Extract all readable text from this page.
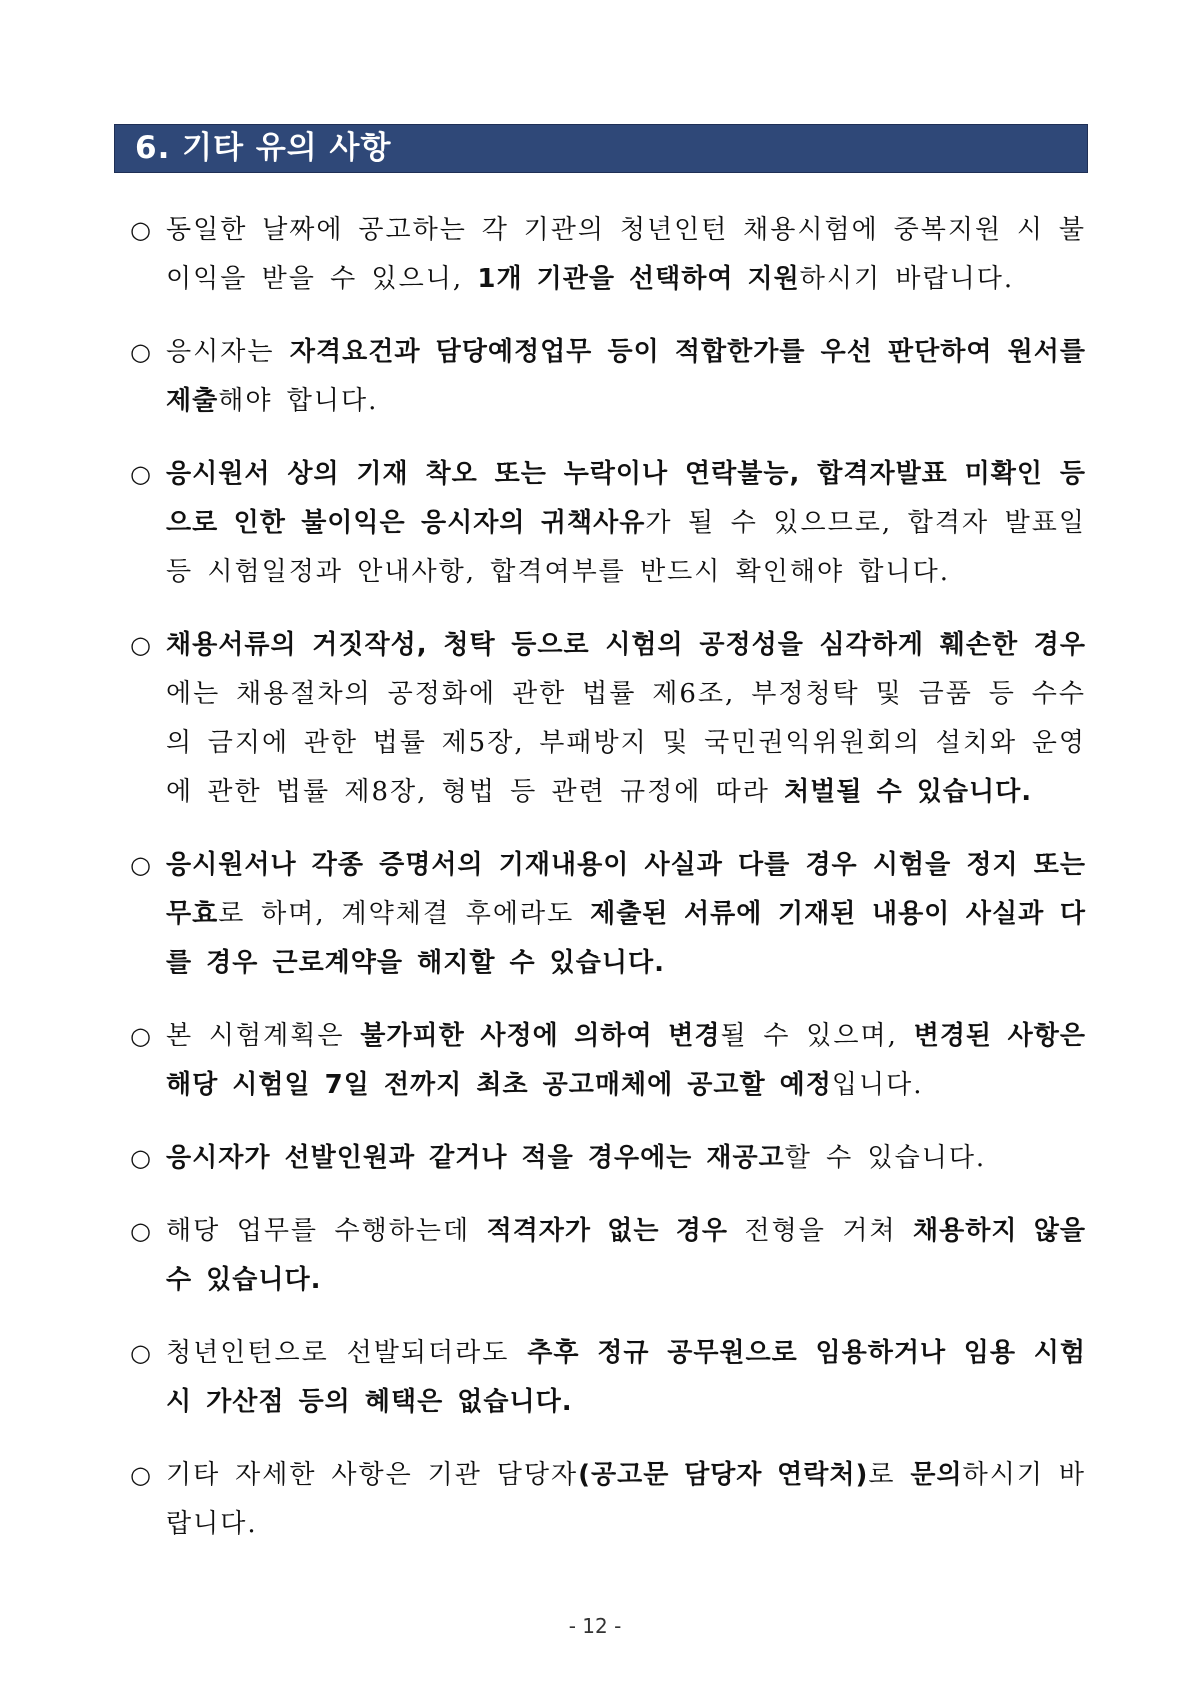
6. 기타 유의 사항
○ 동일한 날짜에 공고하는 각 기관의 청년인턴 채용시험에 중복지원 시 불이익을 받을 수 있으니, 1개 기관을 선택하여 지원하시기 바랍니다.
○ 응시자는 자격요건과 담당예정업무 등이 적합한가를 우선 판단하여 원서를 제출해야 합니다.
○ 응시원서 상의 기재 착오 또는 누락이나 연락불능, 합격자발표 미확인 등으로 인한 불이익은 응시자의 귀책사유가 될 수 있으므로, 합격자 발표일 등 시험일정과 안내사항, 합격여부를 반드시 확인해야 합니다.
○ 채용서류의 거짓작성, 청탁 등으로 시험의 공정성을 심각하게 훼손한 경우에는 채용절차의 공정화에 관한 법률 제6조, 부정청탁 및 금품 등 수수의 금지에 관한 법률 제5장, 부패방지 및 국민권익위원회의 설치와 운영에 관한 법률 제8장, 형법 등 관련 규정에 따라 처벌될 수 있습니다.
○ 응시원서나 각종 증명서의 기재내용이 사실과 다를 경우 시험을 정지 또는 무효로 하며, 계약체결 후에라도 제출된 서류에 기재된 내용이 사실과 다를 경우 근로계약을 해지할 수 있습니다.
○ 본 시험계획은 불가피한 사정에 의하여 변경될 수 있으며, 변경된 사항은 해당 시험일 7일 전까지 최초 공고매체에 공고할 예정입니다.
○ 응시자가 선발인원과 같거나 적을 경우에는 재공고할 수 있습니다.
○ 해당 업무를 수행하는데 적격자가 없는 경우 전형을 거쳐 채용하지 않을 수 있습니다.
○ 청년인턴으로 선발되더라도 추후 정규 공무원으로 임용하거나 임용 시험 시 가산점 등의 혜택은 없습니다.
○ 기타 자세한 사항은 기관 담당자(공고문 담당자 연락처)로 문의하시기 바랍니다.
- 12 -
